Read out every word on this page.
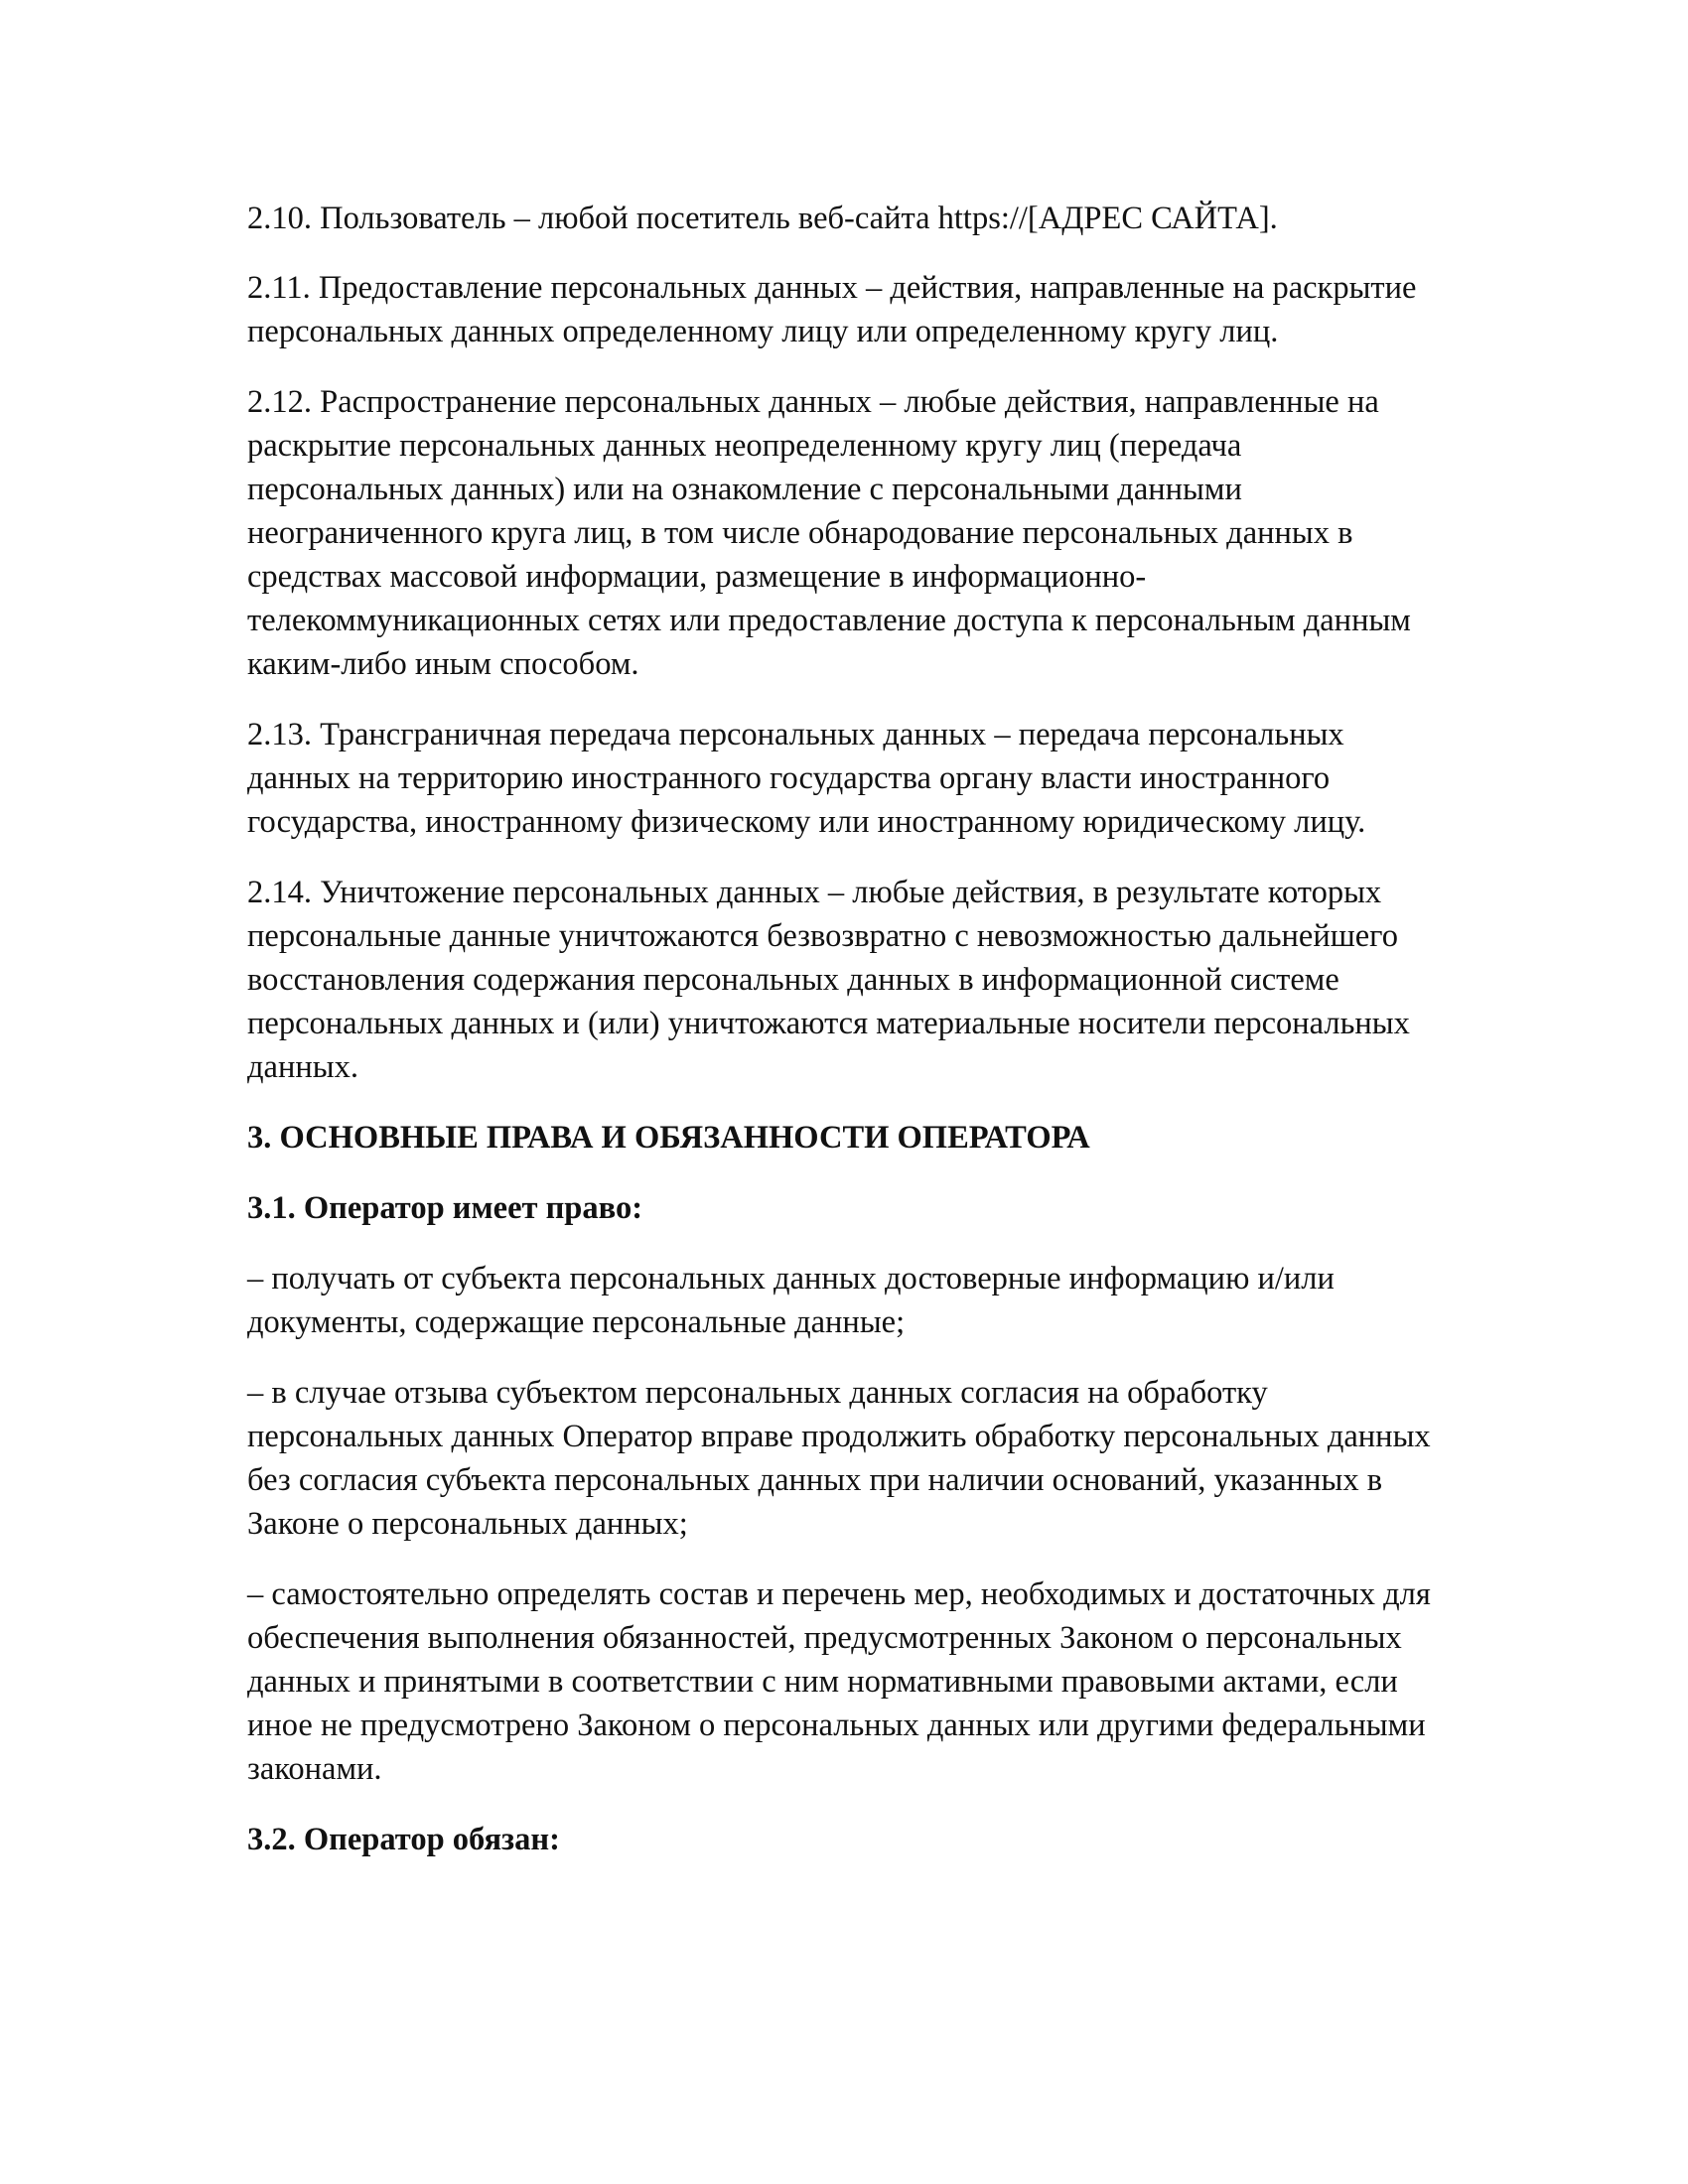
2.10. Пользователь – любой посетитель веб-сайта https://[АДРЕС САЙТА].

2.11. Предоставление персональных данных – действия, направленные на раскрытие персональных данных определенному лицу или определенному кругу лиц.

2.12. Распространение персональных данных – любые действия, направленные на раскрытие персональных данных неопределенному кругу лиц (передача персональных данных) или на ознакомление с персональными данными неограниченного круга лиц, в том числе обнародование персональных данных в средствах массовой информации, размещение в информационно-телекоммуникационных сетях или предоставление доступа к персональным данным каким-либо иным способом.

2.13. Трансграничная передача персональных данных – передача персональных данных на территорию иностранного государства органу власти иностранного государства, иностранному физическому или иностранному юридическому лицу.

2.14. Уничтожение персональных данных – любые действия, в результате которых персональные данные уничтожаются безвозвратно с невозможностью дальнейшего восстановления содержания персональных данных в информационной системе персональных данных и (или) уничтожаются материальные носители персональных данных.

3. ОСНОВНЫЕ ПРАВА И ОБЯЗАННОСТИ ОПЕРАТОРА

3.1. Оператор имеет право:

– получать от субъекта персональных данных достоверные информацию и/или документы, содержащие персональные данные;

– в случае отзыва субъектом персональных данных согласия на обработку персональных данных Оператор вправе продолжить обработку персональных данных без согласия субъекта персональных данных при наличии оснований, указанных в Законе о персональных данных;

– самостоятельно определять состав и перечень мер, необходимых и достаточных для обеспечения выполнения обязанностей, предусмотренных Законом о персональных данных и принятыми в соответствии с ним нормативными правовыми актами, если иное не предусмотрено Законом о персональных данных или другими федеральными законами.

3.2. Оператор обязан:
